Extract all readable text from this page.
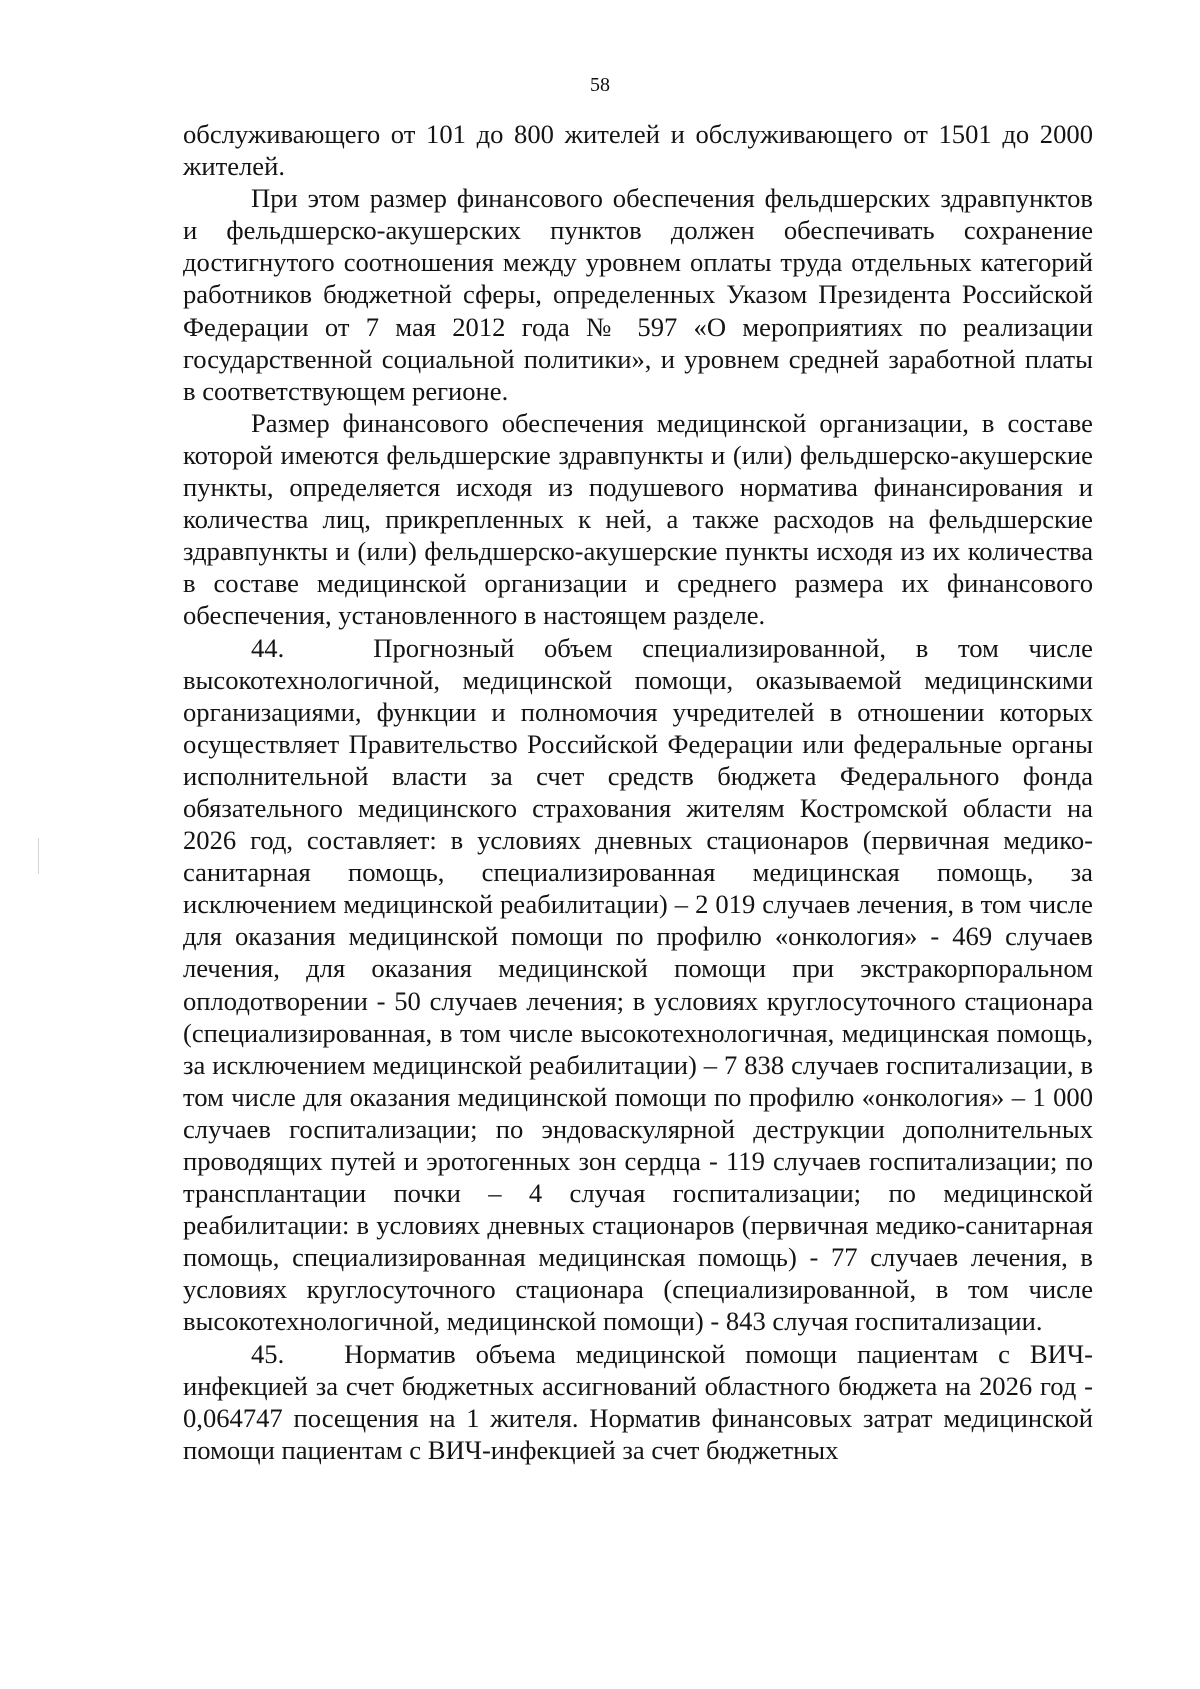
58

обслуживающего от 101 до 800 жителей и обслуживающего от 1501 до 2000 жителей.

При этом размер финансового обеспечения фельдшерских здравпунктов и фельдшерско-акушерских пунктов должен обеспечивать сохранение достигнутого соотношения между уровнем оплаты труда отдельных категорий работников бюджетной сферы, определенных Указом Президента Российской Федерации от 7 мая 2012 года № 597 «О мероприятиях по реализации государственной социальной политики», и уровнем средней заработной платы в соответствующем регионе.

Размер финансового обеспечения медицинской организации, в составе которой имеются фельдшерские здравпункты и (или) фельдшерско-акушерские пункты, определяется исходя из подушевого норматива финансирования и количества лиц, прикрепленных к ней, а также расходов на фельдшерские здравпункты и (или) фельдшерско-акушерские пункты исходя из их количества в составе медицинской организации и среднего размера их финансового обеспечения, установленного в настоящем разделе.

44.	Прогнозный объем специализированной, в том числе высокотехнологичной, медицинской помощи, оказываемой медицинскими организациями, функции и полномочия учредителей в отношении которых осуществляет Правительство Российской Федерации или федеральные органы исполнительной власти за счет средств бюджета Федерального фонда обязательного медицинского страхования жителям Костромской области на 2026 год, составляет: в условиях дневных стационаров (первичная медико-санитарная помощь, специализированная медицинская помощь, за исключением медицинской реабилитации) – 2 019 случаев лечения, в том числе для оказания медицинской помощи по профилю «онкология» - 469 случаев лечения, для оказания медицинской помощи при экстракорпоральном оплодотворении - 50 случаев лечения; в условиях круглосуточного стационара (специализированная, в том числе высокотехнологичная, медицинская помощь, за исключением медицинской реабилитации) – 7 838 случаев госпитализации, в том числе для оказания медицинской помощи по профилю «онкология» – 1 000 случаев госпитализации; по эндоваскулярной деструкции дополнительных проводящих путей и эротогенных зон сердца - 119 случаев госпитализации; по трансплантации почки – 4 случая госпитализации; по медицинской реабилитации: в условиях дневных стационаров (первичная медико-санитарная помощь, специализированная медицинская помощь) - 77 случаев лечения, в условиях круглосуточного стационара (специализированной, в том числе высокотехнологичной, медицинской помощи) - 843 случая госпитализации.

45. Норматив объема медицинской помощи пациентам с ВИЧ-инфекцией за счет бюджетных ассигнований областного бюджета на 2026 год - 0,064747 посещения на 1 жителя. Норматив финансовых затрат медицинской помощи пациентам с ВИЧ-инфекцией за счет бюджетных
